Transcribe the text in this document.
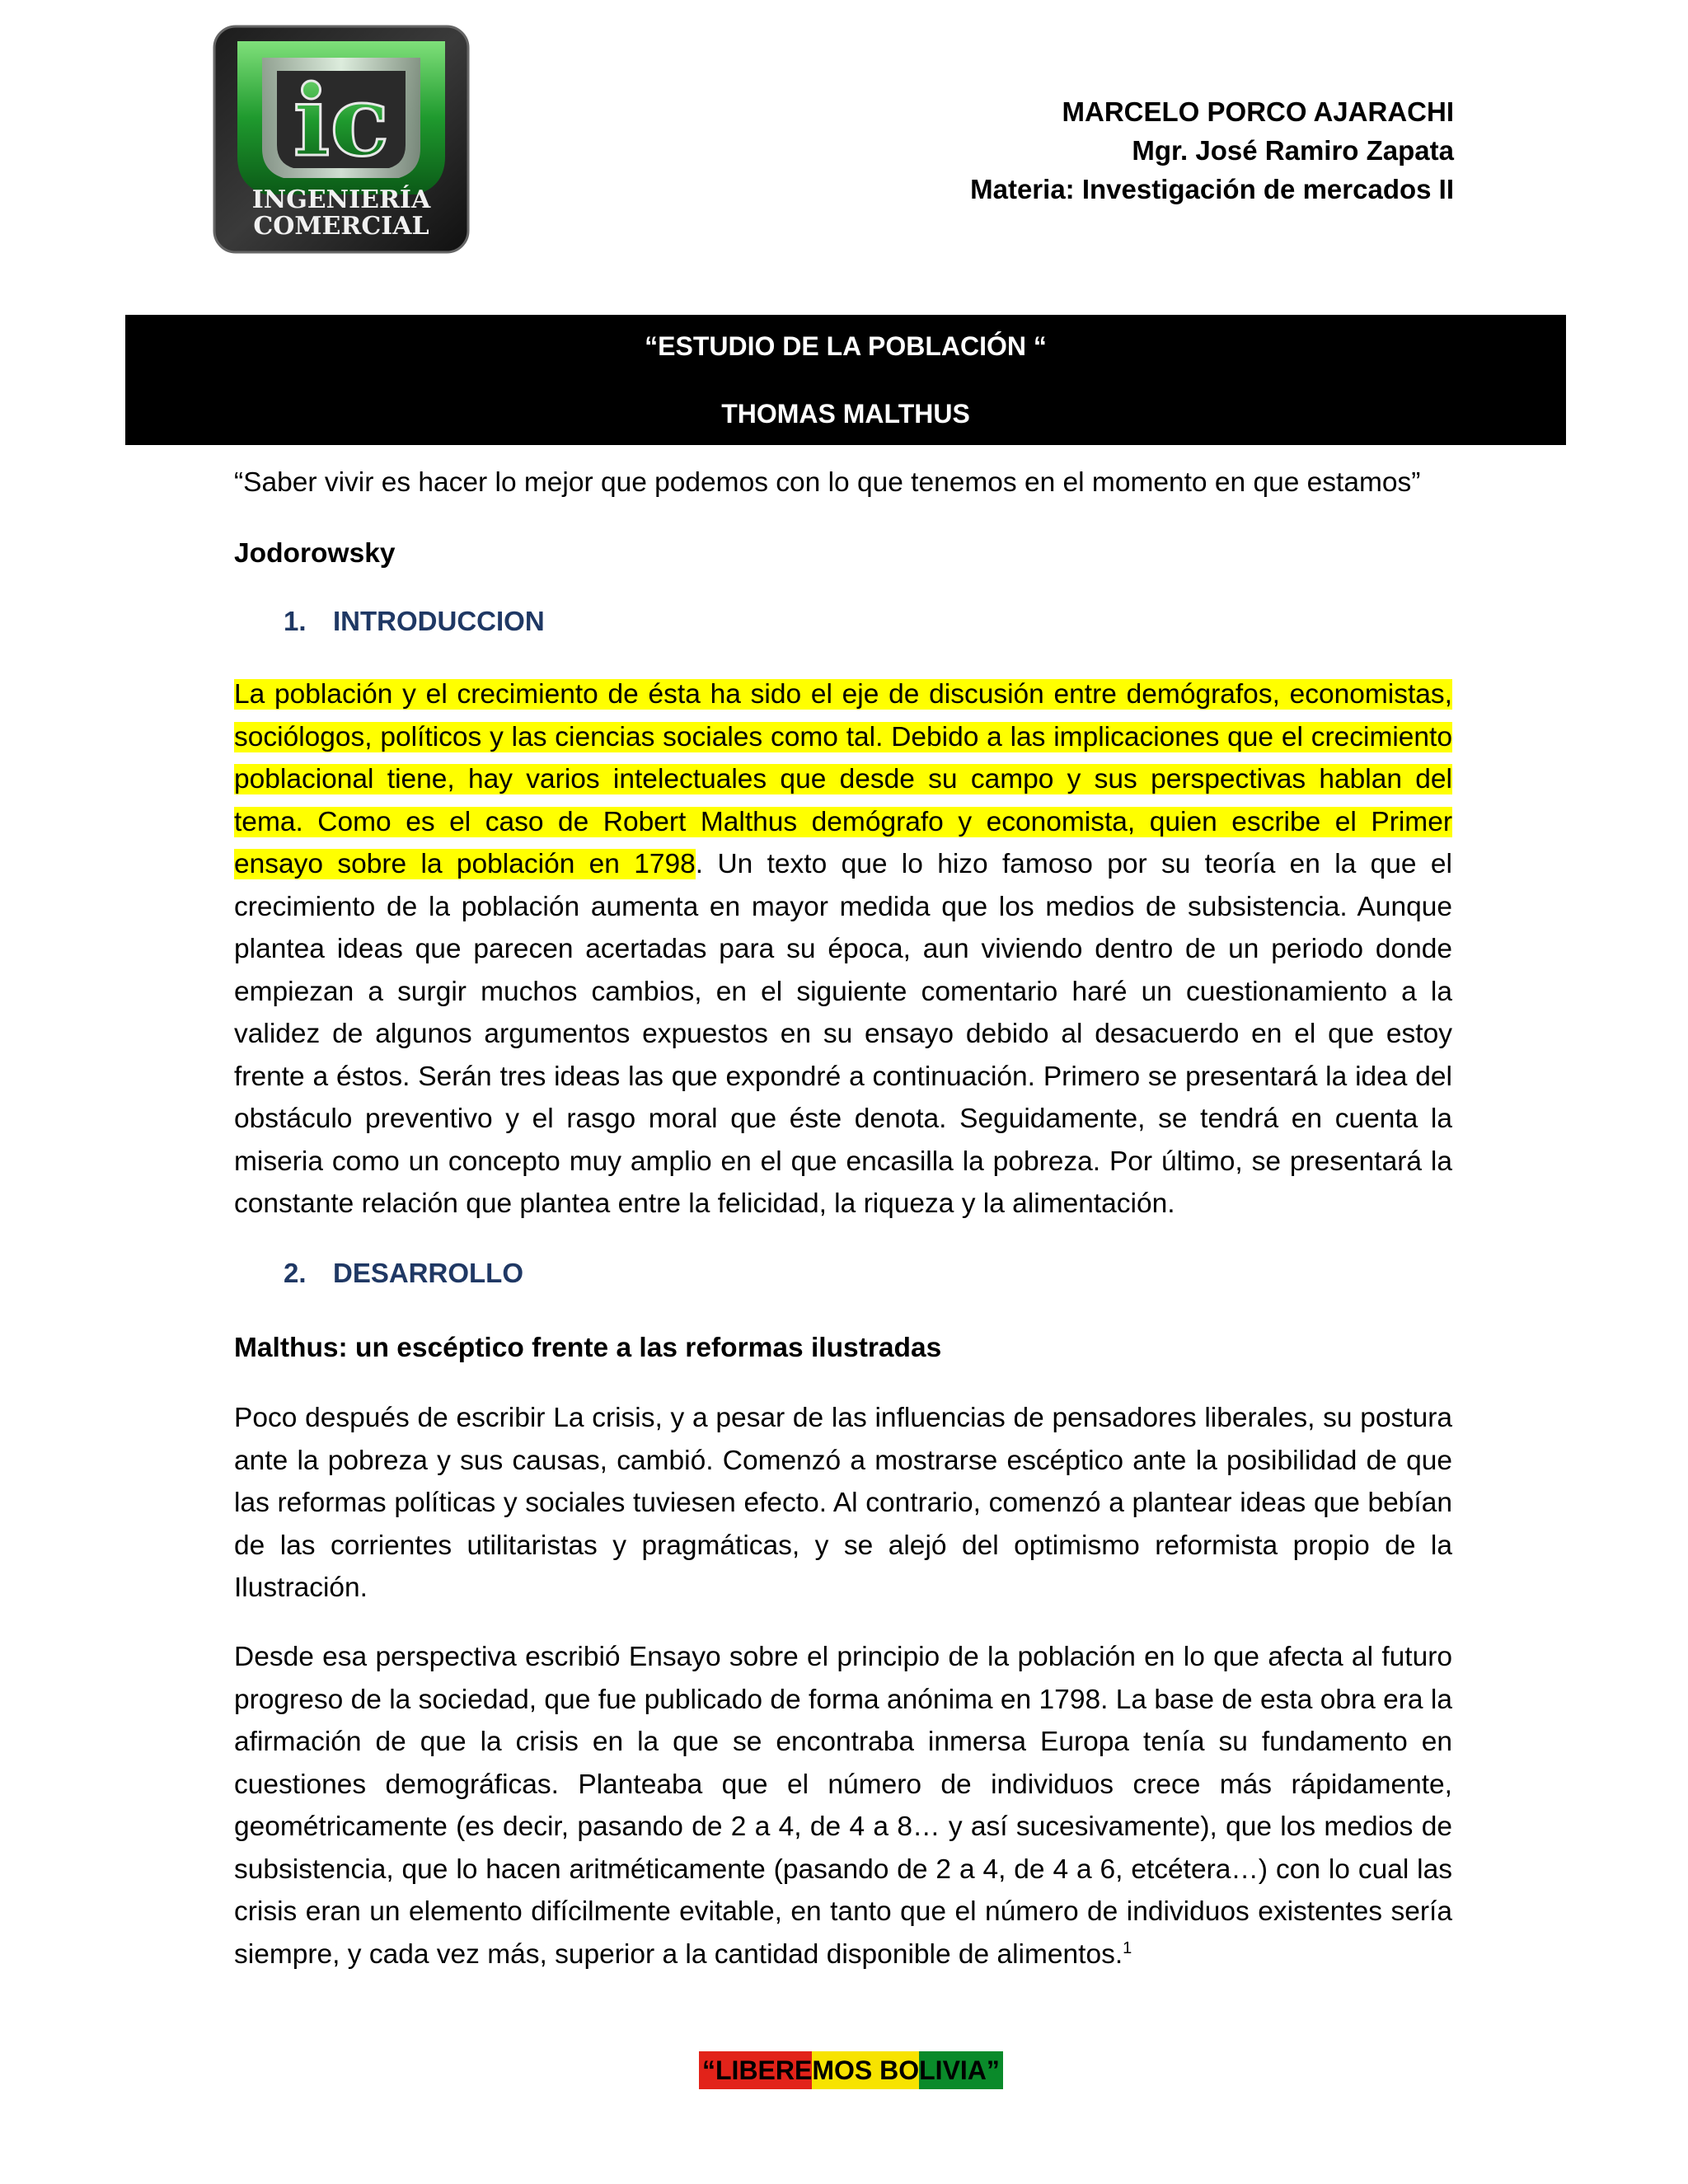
ic
INGENIERÍA
COMERCIAL
MARCELO PORCO AJARACHI
Mgr. José Ramiro Zapata
Materia: Investigación de mercados II
“ESTUDIO DE LA POBLACIÓN “
THOMAS MALTHUS
“Saber vivir es hacer lo mejor que podemos con lo que tenemos en el momento en que estamos”
Jodorowsky
1. INTRODUCCION
La población y el crecimiento de ésta ha sido el eje de discusión entre demógrafos, economistas, sociólogos, políticos y las ciencias sociales como tal. Debido a las implicaciones que el crecimiento poblacional tiene, hay varios intelectuales que desde su campo y sus perspectivas hablan del tema. Como es el caso de Robert Malthus demógrafo y economista, quien escribe el Primer ensayo sobre la población en 1798. Un texto que lo hizo famoso por su teoría en la que el crecimiento de la población aumenta en mayor medida que los medios de subsistencia. Aunque plantea ideas que parecen acertadas para su época, aun viviendo dentro de un periodo donde empiezan a surgir muchos cambios, en el siguiente comentario haré un cuestionamiento a la validez de algunos argumentos expuestos en su ensayo debido al desacuerdo en el que estoy frente a éstos. Serán tres ideas las que expondré a continuación. Primero se presentará la idea del obstáculo preventivo y el rasgo moral que éste denota. Seguidamente, se tendrá en cuenta la miseria como un concepto muy amplio en el que encasilla la pobreza. Por último, se presentará la constante relación que plantea entre la felicidad, la riqueza y la alimentación.
2. DESARROLLO
Malthus: un escéptico frente a las reformas ilustradas
Poco después de escribir La crisis, y a pesar de las influencias de pensadores liberales, su postura ante la pobreza y sus causas, cambió. Comenzó a mostrarse escéptico ante la posibilidad de que las reformas políticas y sociales tuviesen efecto. Al contrario, comenzó a plantear ideas que bebían de las corrientes utilitaristas y pragmáticas, y se alejó del optimismo reformista propio de la Ilustración.
Desde esa perspectiva escribió Ensayo sobre el principio de la población en lo que afecta al futuro progreso de la sociedad, que fue publicado de forma anónima en 1798. La base de esta obra era la afirmación de que la crisis en la que se encontraba inmersa Europa tenía su fundamento en cuestiones demográficas. Planteaba que el número de individuos crece más rápidamente, geométricamente (es decir, pasando de 2 a 4, de 4 a 8… y así sucesivamente), que los medios de subsistencia, que lo hacen aritméticamente (pasando de 2 a 4, de 4 a 6, etcétera…) con lo cual las crisis eran un elemento difícilmente evitable, en tanto que el número de individuos existentes sería siempre, y cada vez más, superior a la cantidad disponible de alimentos.$^1$
“LIBERE MOS BO LIVIA”
